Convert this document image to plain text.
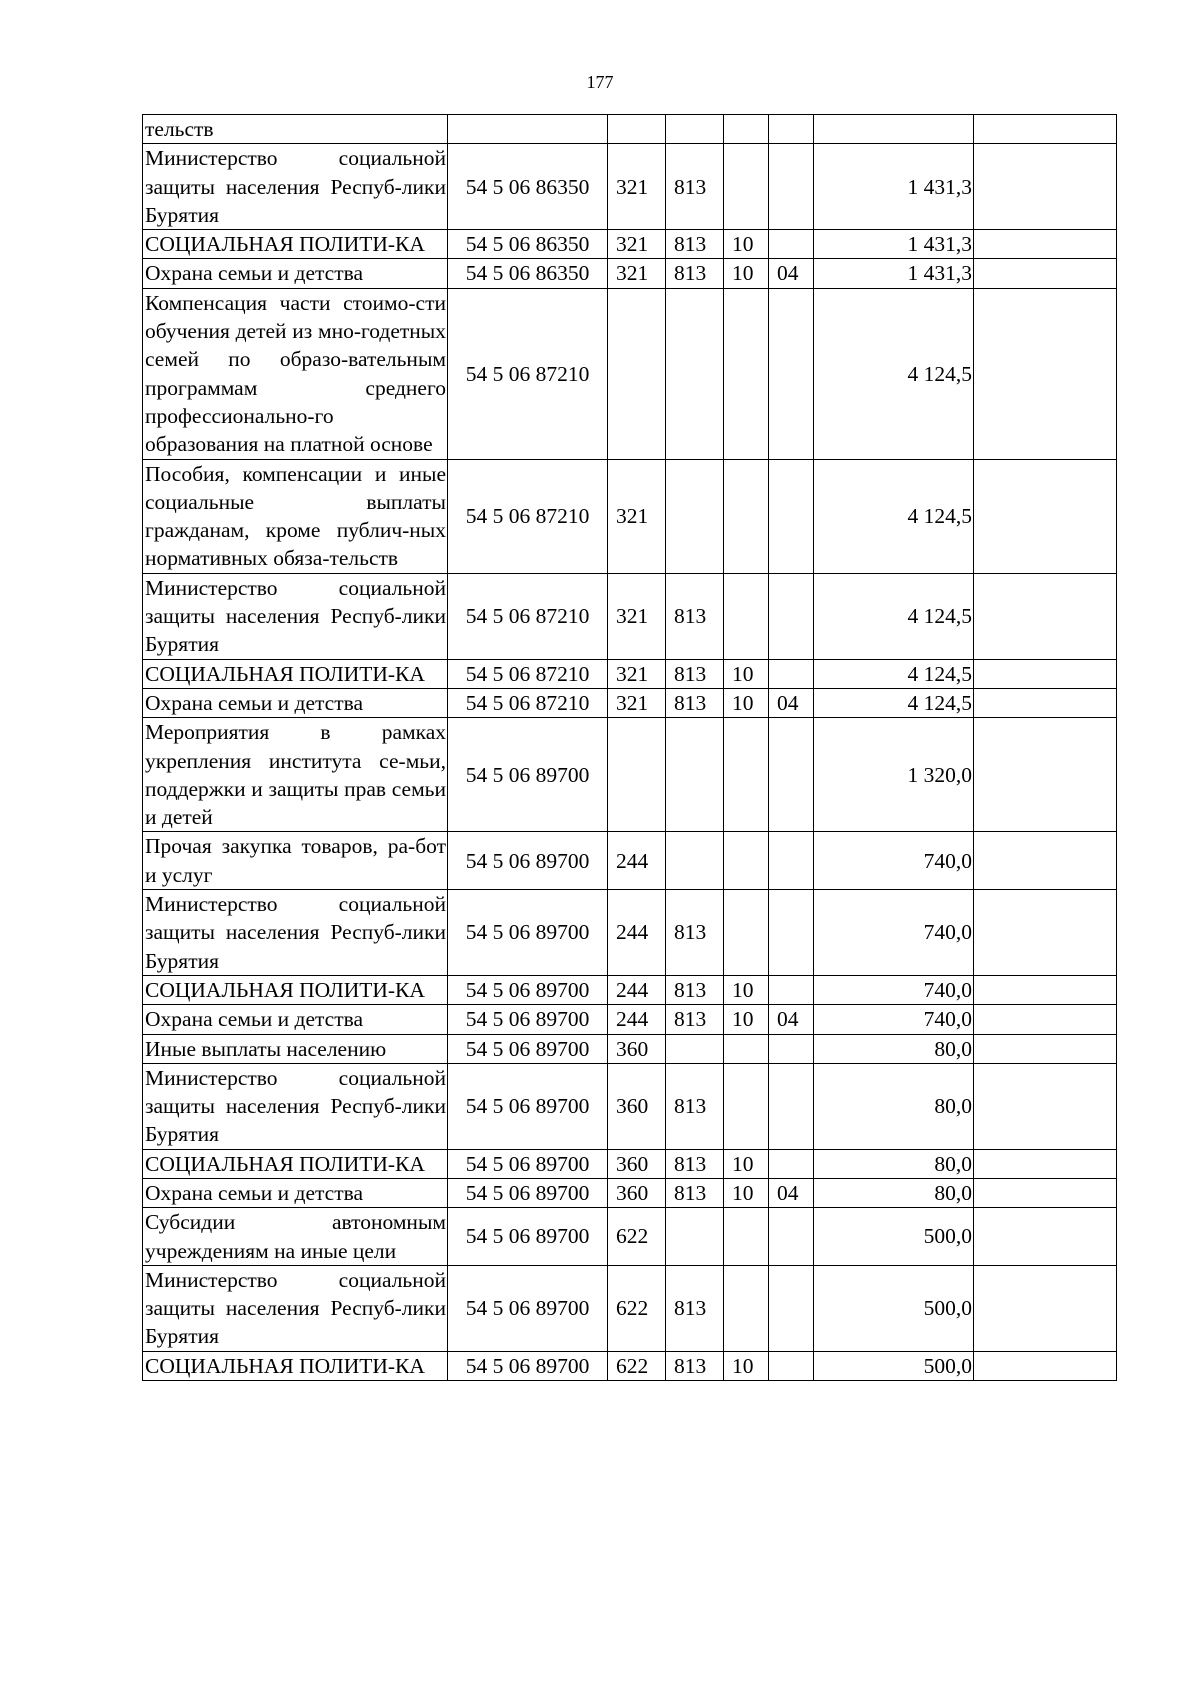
177
тельств							
Министерство социальной защиты населения Респуб-лики Бурятия	54 5 06 86350	321	813			1 431,3	
СОЦИАЛЬНАЯ ПОЛИТИ-КА	54 5 06 86350	321	813	10		1 431,3	
Охрана семьи и детства	54 5 06 86350	321	813	10	04	1 431,3	
Компенсация части стоимо-сти обучения детей из мно-годетных семей по образо-вательным программам среднего профессионально-го образования на платной основе	54 5 06 87210					4 124,5	
Пособия, компенсации и иные социальные выплаты гражданам, кроме публич-ных нормативных обяза-тельств	54 5 06 87210	321				4 124,5	
Министерство социальной защиты населения Респуб-лики Бурятия	54 5 06 87210	321	813			4 124,5	
СОЦИАЛЬНАЯ ПОЛИТИ-КА	54 5 06 87210	321	813	10		4 124,5	
Охрана семьи и детства	54 5 06 87210	321	813	10	04	4 124,5	
Мероприятия в рамках укрепления института се-мьи, поддержки и защиты прав семьи и детей	54 5 06 89700					1 320,0	
Прочая закупка товаров, ра-бот и услуг	54 5 06 89700	244				740,0	
Министерство социальной защиты населения Респуб-лики Бурятия	54 5 06 89700	244	813			740,0	
СОЦИАЛЬНАЯ ПОЛИТИ-КА	54 5 06 89700	244	813	10		740,0	
Охрана семьи и детства	54 5 06 89700	244	813	10	04	740,0	
Иные выплаты населению	54 5 06 89700	360				80,0	
Министерство социальной защиты населения Респуб-лики Бурятия	54 5 06 89700	360	813			80,0	
СОЦИАЛЬНАЯ ПОЛИТИ-КА	54 5 06 89700	360	813	10		80,0	
Охрана семьи и детства	54 5 06 89700	360	813	10	04	80,0	
Субсидии автономным учреждениям на иные цели	54 5 06 89700	622				500,0	
Министерство социальной защиты населения Респуб-лики Бурятия	54 5 06 89700	622	813			500,0	
СОЦИАЛЬНАЯ ПОЛИТИ-КА	54 5 06 89700	622	813	10		500,0	
